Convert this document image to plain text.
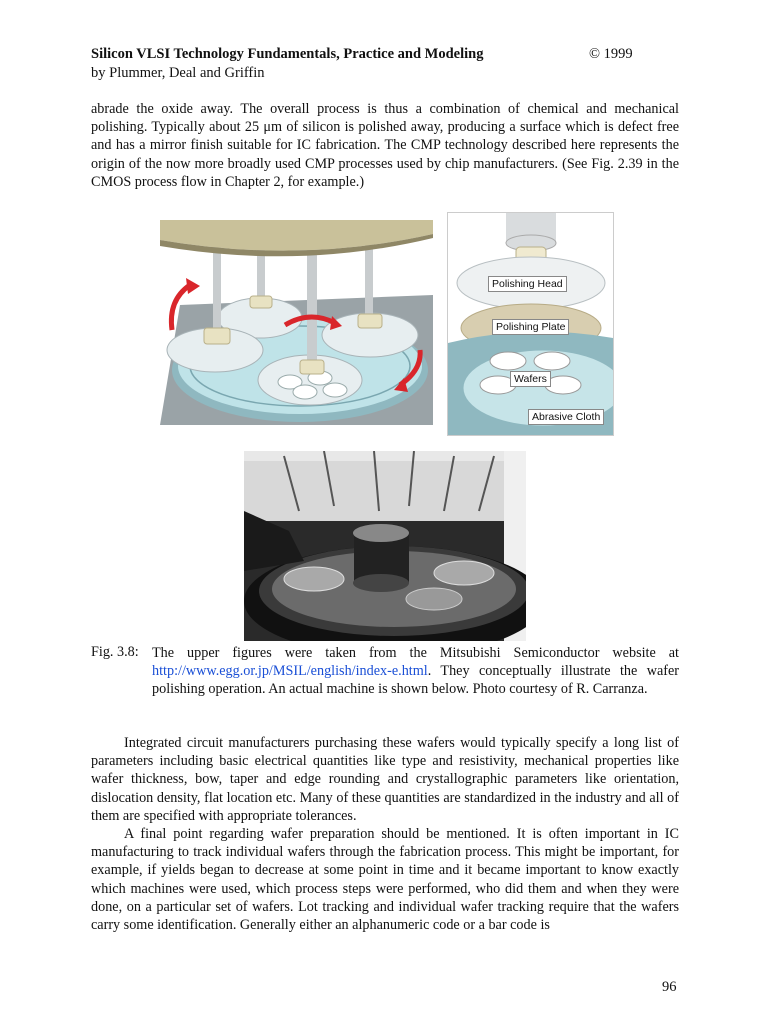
Silicon VLSI Technology Fundamentals, Practice and Modeling	© 1999
by Plummer, Deal and Griffin

abrade the oxide away. The overall process is thus a combination of chemical and mechanical polishing. Typically about 25 μm of silicon is polished away, producing a surface which is defect free and has a mirror finish suitable for IC fabrication. The CMP technology described here represents the origin of the now more broadly used CMP processes used by chip manufacturers. (See Fig. 2.39 in the CMOS process flow in Chapter 2, for example.)

Polishing Head
Polishing Plate
Wafers
Abrasive Cloth
Fig. 3.8: The upper figures were taken from the Mitsubishi Semiconductor website at http://www.egg.or.jp/MSIL/english/index-e.html. They conceptually illustrate the wafer polishing operation. An actual machine is shown below. Photo courtesy of R. Carranza.

Integrated circuit manufacturers purchasing these wafers would typically specify a long list of parameters including basic electrical quantities like type and resistivity, mechanical properties like wafer thickness, bow, taper and edge rounding and crystallographic parameters like orientation, dislocation density, flat location etc. Many of these quantities are standardized in the industry and all of them are specified with appropriate tolerances.

A final point regarding wafer preparation should be mentioned. It is often important in IC manufacturing to track individual wafers through the fabrication process. This might be important, for example, if yields began to decrease at some point in time and it became important to know exactly which machines were used, which process steps were performed, who did them and when they were done, on a particular set of wafers. Lot tracking and individual wafer tracking require that the wafers carry some identification. Generally either an alphanumeric code or a bar code is

96
